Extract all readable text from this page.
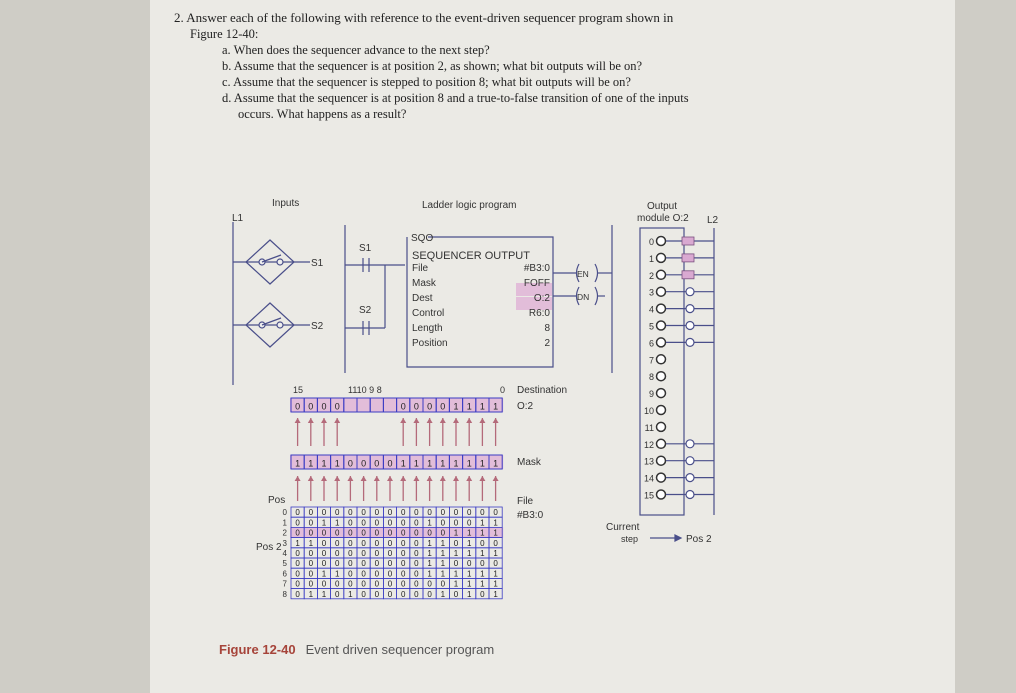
2. Answer each of the following with reference to the event-driven sequencer program shown in
Figure 12-40:
a. When does the sequencer advance to the next step?
b. Assume that the sequencer is at position 2, as shown; what bit outputs will be on?
c. Assume that the sequencer is stepped to position 8; what bit outputs will be on?
d. Assume that the sequencer is at position 8 and a true-to-false transition of one of the inputs
occurs. What happens as a result?
Inputs	Ladder logic program	Output
module O:2
L1	L2
S1
S2
S1
S2
SQO
SEQUENCER OUTPUT
EN
DN
15	1110 9 8	0 Destination
O:2
Mask
File
#B3:0
Pos
Pos 2
Current
step	Pos 2
File	#B3:0
Mask	FOFF
Dest	O:2
Control	R6:0
Length	8
Position	2
0 0 0 0	0 0 0 0 1 1 1 1
1 1 1 1 0 0 0 0 1 1 1 1 1 1 1 1
0 0 0 0 0 0 0 0 0 0 0 0 0 0 0 0
0
0 0 1 1 0 0 0 0 0 0 1 0 0 0 1 1
1
0 0 0 0 0 0 0 0 0 0 0 0 1 1 1 1
2
1 1 0 0 0 0 0 0 0 0 1 1 0 1 0 0
3
0 0 0 0 0 0 0 0 0 0 1 1 1 1 1 1
4
0 0 0 0 0 0 0 0 0 0 1 1 0 0 0 0
5
0 0 1 1 0 0 0 0 0 0 1 1 1 1 1 1
6
0 0 0 0 0 0 0 0 0 0 0 0 1 1 1 1
7
0 1 1 0 1 0 0 0 0 0 0 1 0 1 0 1
8
0
1
2
3
4
5
6
7
8
9
10
11
12
13
14
15
Figure 12-40 Event driven sequencer program
